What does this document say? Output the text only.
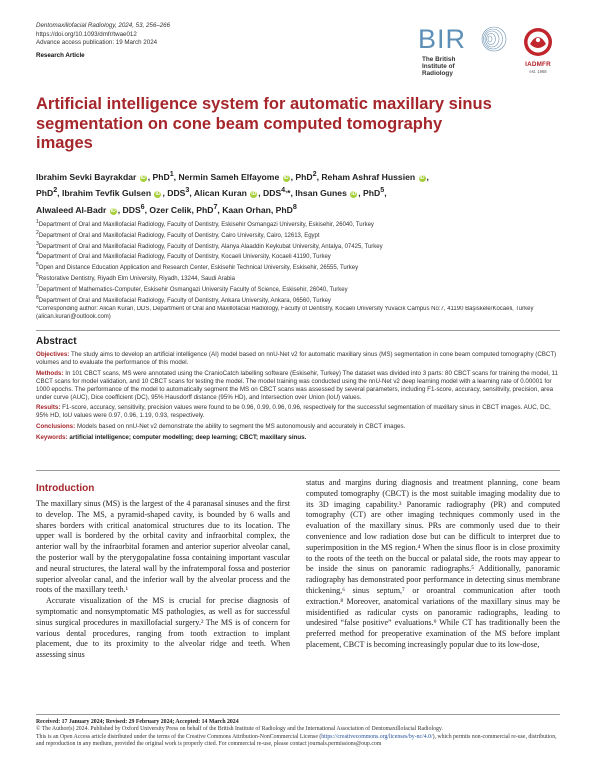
Dentomaxillofacial Radiology, 2024, 53, 256–266
https://doi.org/10.1093/dmfr/twae012
Advance access publication: 19 March 2024
Research Article
BIR
The British
Institute of
Radiology
IADMFR
est. 1968
Artificial intelligence system for automatic maxillary sinus segmentation on cone beam computed tomography images
Ibrahim Sevki Bayrakdar iD , PhD$^1$, Nermin Sameh Elfayome iD , PhD$^2$, Reham Ashraf Hussien iD ,
PhD$^2$, Ibrahim Tevfik Gulsen iD , DDS$^3$, Alican Kuran iD , $DDS^{4,}*$, Ihsan Gunes iD , PhD$^5$,
Alwaleed Al-Badr iD , DDS$^6$, Ozer Celik, PhD$^7$, Kaan Orhan, PhD$^8$
$^1$Department of Oral and Maxillofacial Radiology, Faculty of Dentistry, Eskisehir Osmangazi University, Eskisehir, 26040, Turkey
$^2$Department of Oral and Maxillofacial Radiology, Faculty of Dentistry, Cairo University, Cairo, 12613, Egypt
$^3$Department of Oral and Maxillofacial Radiology, Faculty of Dentistry, Alanya Alaaddin Keykubat University, Antalya, 07425, Turkey
$^4$Department of Oral and Maxillofacial Radiology, Faculty of Dentistry, Kocaeli University, Kocaeli 41190, Turkey
$^5$Open and Distance Education Application and Research Center, Eskisehir Technical University, Eskisehir, 26555, Turkey
$^6$Restorative Dentistry, Riyadh Elm University, Riyadh, 13244, Saudi Arabia
$^7$Department of Mathematics-Computer, Eskisehir Osmangazi University Faculty of Science, Eskisehir, 26040, Turkey
$^8$Department of Oral and Maxillofacial Radiology, Faculty of Dentistry, Ankara University, Ankara, 06560, Turkey
*Corresponding author: Alican Kuran, DDS, Department of Oral and Maxillofacial Radiology, Faculty of Dentistry, Kocaeli University Yuvacık Campus No:7, 41190 Başiskele/Kocaeli, Turkey (alican.kuran@outlook.com)
Abstract

Objectives: The study aims to develop an artificial intelligence (AI) model based on nnU-Net v2 for automatic maxillary sinus (MS) segmentation in cone beam computed tomography (CBCT) volumes and to evaluate the performance of this model.

Methods: In 101 CBCT scans, MS were annotated using the CranioCatch labelling software (Eskisehir, Turkey) The dataset was divided into 3 parts: 80 CBCT scans for training the model, 11 CBCT scans for model validation, and 10 CBCT scans for testing the model. The model training was conducted using the nnU-Net v2 deep learning model with a learning rate of 0.00001 for 1000 epochs. The performance of the model to automatically segment the MS on CBCT scans was assessed by several parameters, including F1-score, accuracy, sensitivity, precision, area under curve (AUC), Dice coefficient (DC), 95% Hausdorff distance (95% HD), and Intersection over Union (IoU) values.

Results: F1-score, accuracy, sensitivity, precision values were found to be 0.96, 0.99, 0.96, 0.96, respectively for the successful segmentation of maxillary sinus in CBCT images. AUC, DC, 95% HD, IoU values were 0.97, 0.96, 1.19, 0.93, respectively.

Conclusions: Models based on nnU-Net v2 demonstrate the ability to segment the MS autonomously and accurately in CBCT images.

Keywords: artificial intelligence; computer modelling; deep learning; CBCT; maxillary sinus.

Introduction

The maxillary sinus (MS) is the largest of the 4 paranasal sinuses and the first to develop. The MS, a pyramid-shaped cavity, is bounded by 6 walls and shares borders with critical anatomical structures due to its location. The upper wall is bordered by the orbital cavity and infraorbital complex, the anterior wall by the infraorbital foramen and anterior superior alveolar canal, the posterior wall by the pterygopalatine fossa containing important vascular and neural structures, the lateral wall by the infratemporal fossa and posterior superior alveolar canal, and the inferior wall by the alveolar process and the roots of the maxillary teeth.¹

Accurate visualization of the MS is crucial for precise diagnosis of symptomatic and nonsymptomatic MS pathologies, as well as for successful sinus surgical procedures in maxillofacial surgery.² The MS is of concern for various dental procedures, ranging from tooth extraction to implant placement, due to its proximity to the alveolar ridge and teeth. When assessing sinus

status and margins during diagnosis and treatment planning, cone beam computed tomography (CBCT) is the most suitable imaging modality due to its 3D imaging capability.³ Panoramic radiography (PR) and computed tomography (CT) are other imaging techniques commonly used in the evaluation of the maxillary sinus. PRs are commonly used due to their convenience and low radiation dose but can be difficult to interpret due to superimposition in the MS region.⁴ When the sinus floor is in close proximity to the roots of the teeth on the buccal or palatal side, the roots may appear to be inside the sinus on panoramic radiographs.⁵ Additionally, panoramic radiography has demonstrated poor performance in detecting sinus membrane thickening,⁶ sinus septum,⁷ or oroantral communication after tooth extraction.⁸ Moreover, anatomical variations of the maxillary sinus may be misidentified as radicular cysts on panoramic radiographs, leading to undesired “false positive” evaluations.⁹ While CT has traditionally been the preferred method for preoperative examination of the MS before implant placement, CBCT is becoming increasingly popular due to its low-dose,

Received: 17 January 2024; Revised: 29 February 2024; Accepted: 14 March 2024
© The Author(s) 2024. Published by Oxford University Press on behalf of the British Institute of Radiology and the International Association of Dentomaxillofacial Radiology.
This is an Open Access article distributed under the terms of the Creative Commons Attribution-NonCommercial License (https://creativecommons.org/licenses/by-nc/4.0/), which permits non-commercial re-use, distribution, and reproduction in any medium, provided the original work is properly cited. For commercial re-use, please contact journals.permissions@oup.com
